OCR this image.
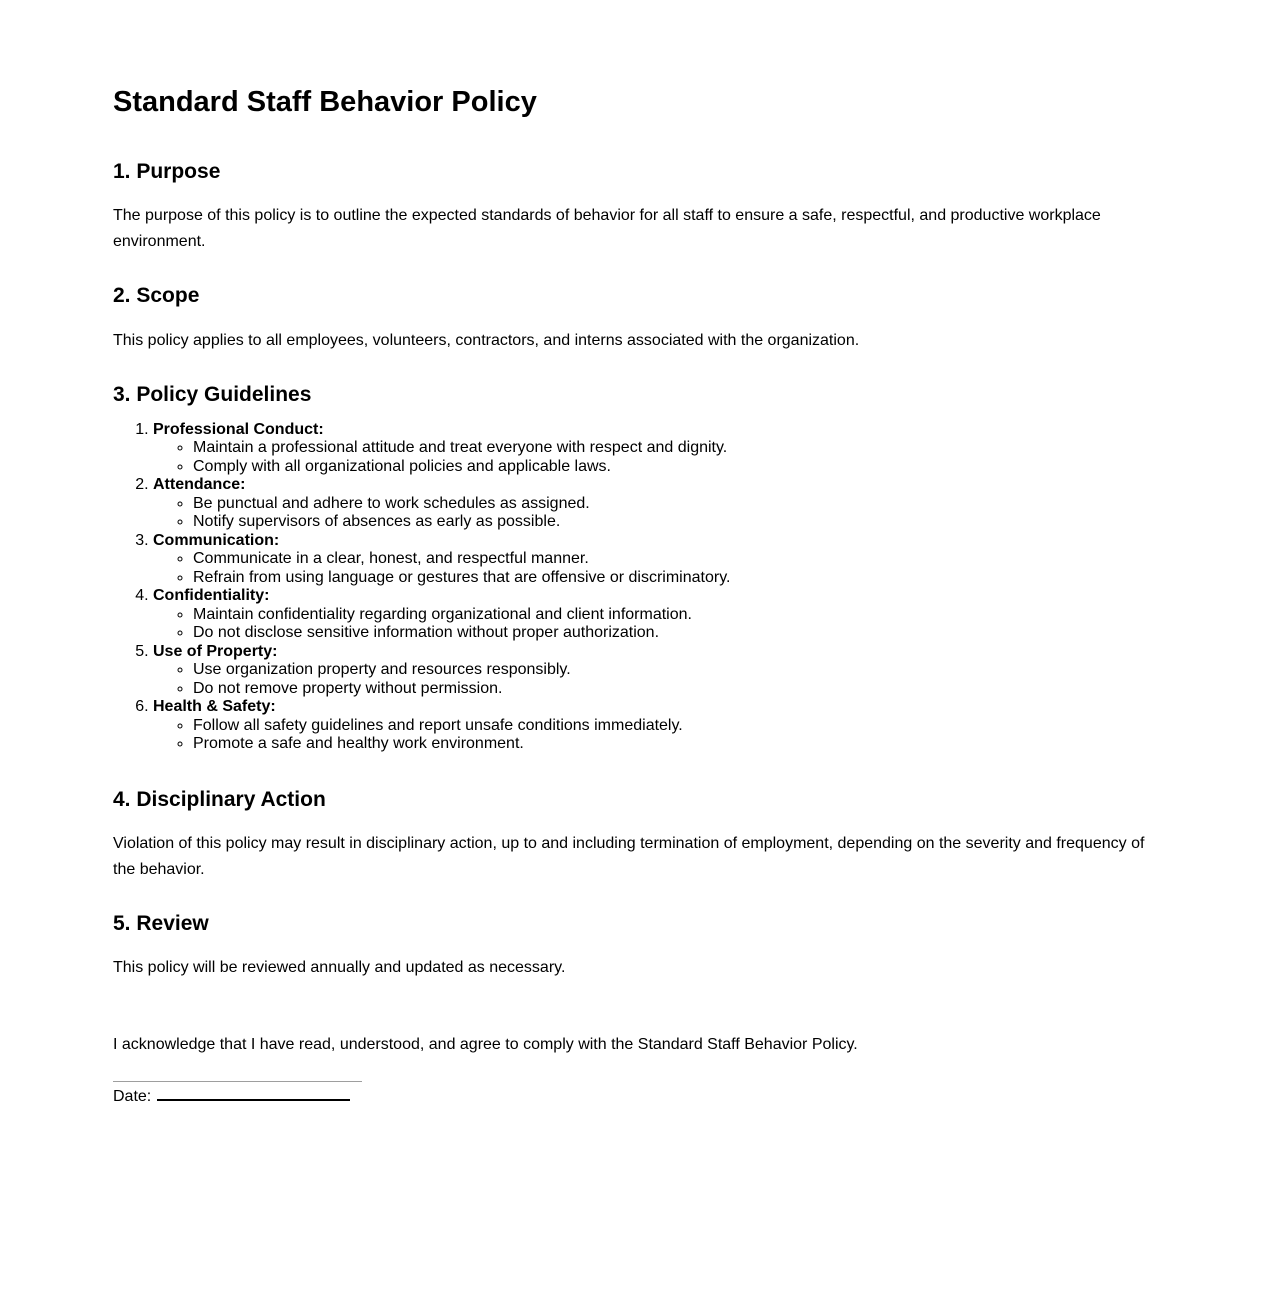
Standard Staff Behavior Policy
1. Purpose

The purpose of this policy is to outline the expected standards of behavior for all staff to ensure a safe, respectful, and productive workplace environment.

2. Scope

This policy applies to all employees, volunteers, contractors, and interns associated with the organization.

3. Policy Guidelines
1. Professional Conduct:
◦ Maintain a professional attitude and treat everyone with respect and dignity.
◦ Comply with all organizational policies and applicable laws.
2. Attendance:
◦ Be punctual and adhere to work schedules as assigned.
◦ Notify supervisors of absences as early as possible.
3. Communication:
◦ Communicate in a clear, honest, and respectful manner.
◦ Refrain from using language or gestures that are offensive or discriminatory.
4. Confidentiality:
◦ Maintain confidentiality regarding organizational and client information.
◦ Do not disclose sensitive information without proper authorization.
5. Use of Property:
◦ Use organization property and resources responsibly.
◦ Do not remove property without permission.
6. Health & Safety:
◦ Follow all safety guidelines and report unsafe conditions immediately.
◦ Promote a safe and healthy work environment.
4. Disciplinary Action

Violation of this policy may result in disciplinary action, up to and including termination of employment, depending on the severity and frequency of the behavior.

5. Review

This policy will be reviewed annually and updated as necessary.

I acknowledge that I have read, understood, and agree to comply with the Standard Staff Behavior Policy.

Date:
